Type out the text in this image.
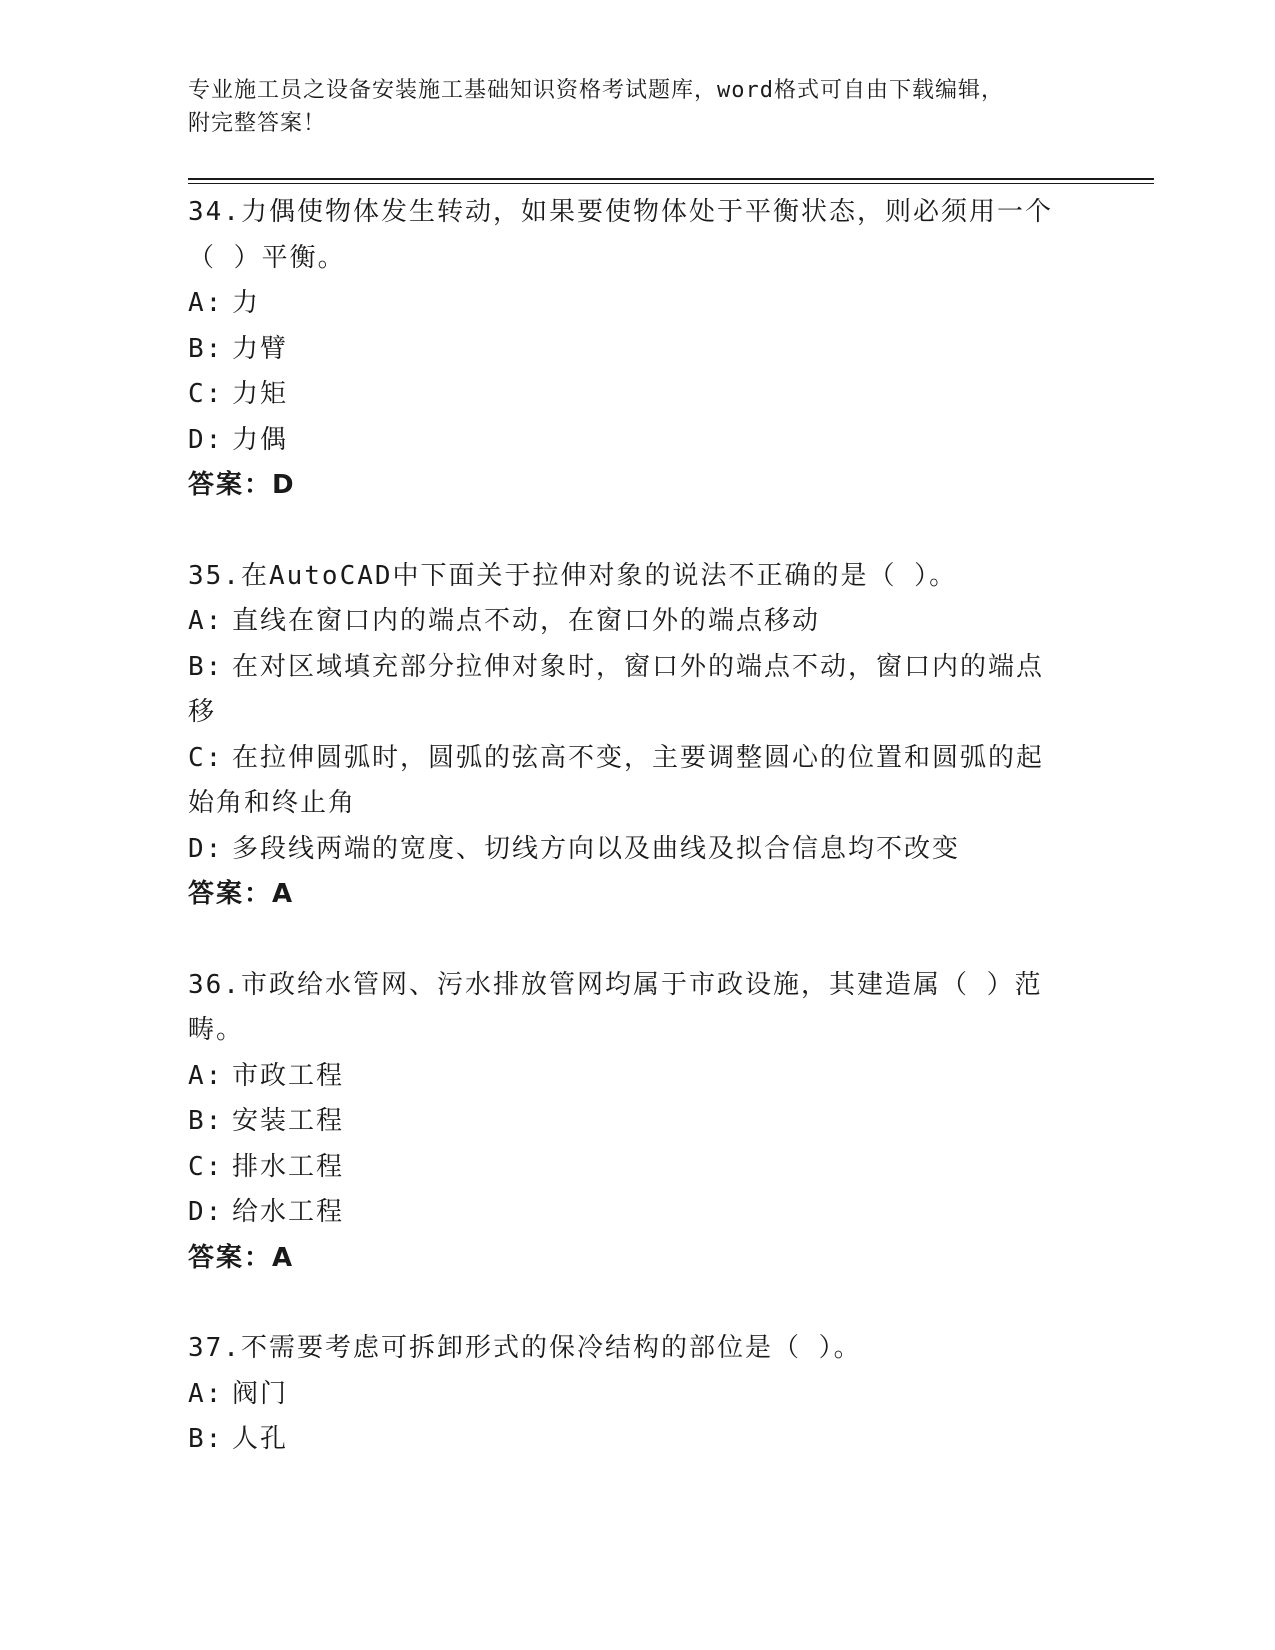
专业施工员之设备安装施工基础知识资格考试题库，word格式可自由下载编辑，
附完整答案！

34.力偶使物体发生转动，如果要使物体处于平衡状态，则必须用一个（ ）平衡。

A: 力

B: 力臂

C: 力矩

D: 力偶

答案：D

35.在AutoCAD中下面关于拉伸对象的说法不正确的是（ ）。

A: 直线在窗口内的端点不动，在窗口外的端点移动

B: 在对区域填充部分拉伸对象时，窗口外的端点不动，窗口内的端点移

C: 在拉伸圆弧时，圆弧的弦高不变，主要调整圆心的位置和圆弧的起始角和终止角

D: 多段线两端的宽度、切线方向以及曲线及拟合信息均不改变

答案：A

36.市政给水管网、污水排放管网均属于市政设施，其建造属（ ）范畴。

A: 市政工程

B: 安装工程

C: 排水工程

D: 给水工程

答案：A

37.不需要考虑可拆卸形式的保冷结构的部位是（ ）。

A: 阀门

B: 人孔
